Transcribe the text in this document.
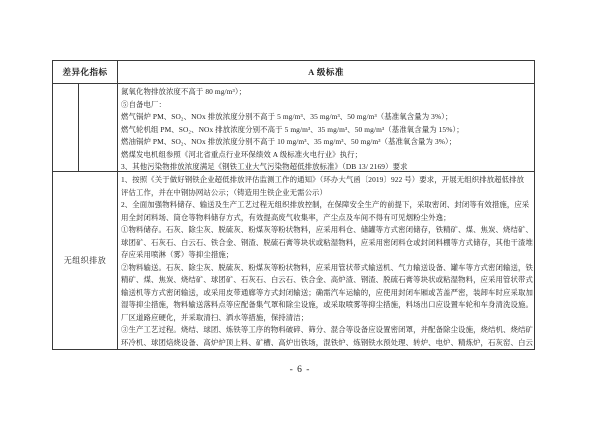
差异化指标	A 级标准
氮氧化物排放浓度不高于 80 mg/m³）；
⑤自备电厂：
燃气锅炉 PM、SO₂、NOx 排放浓度分别不高于 5 mg/m³、35 mg/m³、50 mg/m³（基准氧含量为 3%）；
燃气轮机组 PM、SO₂、NOx 排放浓度分别不高于 5 mg/m³、35 mg/m³、50 mg/m³（基准氧含量为 15%）；
燃油锅炉 PM、SO₂、NOx 排放浓度分别不高于 10 mg/m³、35 mg/m³、50 mg/m³（基准氧含量为 3%）；
燃煤发电机组参照《河北省重点行业环保绩效 A 级标准火电行业》执行；
3、其他污染物排放浓度满足《钢铁工业大气污染物超低排放标准》（DB 13/ 2169）要求
无组织排放
1、按照《关于做好钢铁企业超低排放评估监测工作的通知》（环办大气函〔2019〕922 号）要求，开展无组织排放超低排放
评估工作，并在中钢协网站公示；（铸造用生铁企业无需公示）
2、全面加强物料储存、输送及生产工艺过程无组织排放控制，在保障安全生产的前提下，采取密闭、封闭等有效措施，应采
用全封闭料场、筒仓等物料储存方式，有效提高废气收集率，产尘点及车间不得有可见烟粉尘外逸；
①物料储存。石灰、除尘灰、脱硫灰、粉煤灰等粉状物料，应采用料仓、储罐等方式密闭储存，铁精矿、煤、焦炭、烧结矿、
球团矿、石灰石、白云石、铁合金、钢渣、脱硫石膏等块状或粘湿物料，应采用密闭料仓或封闭料棚等方式储存，其他干渣堆
存应采用喷淋（雾）等抑尘措施；
②物料输送。石灰、除尘灰、脱硫灰、粉煤灰等粉状物料，应采用管状带式输送机、气力输送设备、罐车等方式密闭输送，铁
精矿、煤、焦炭、烧结矿、球团矿、石灰石、白云石、铁合金、高炉渣、钢渣、脱硫石膏等块状或粘湿物料，应采用管状带式
输送机等方式密闭输送，或采用皮带通廊等方式封闭输送；确需汽车运输的，应使用封闭车厢或苫盖严密，装卸车时应采取加
湿等抑尘措施，物料输送落料点等应配备集气罩和除尘设施，或采取喷雾等抑尘措施，料场出口应设置车轮和车身清洗设施。
厂区道路应硬化，并采取清扫、洒水等措施，保持清洁；
③生产工艺过程。烧结、球团、炼铁等工序的物料破碎、筛分、混合等设备应设置密闭罩，并配备除尘设施，烧结机、烧结矿
环冷机、球团焙烧设备、高炉炉顶上料、矿槽、高炉出铁场，混铁炉、炼钢铁水预处理、转炉、电炉、精炼炉，石灰窑、白云
- 6 -
